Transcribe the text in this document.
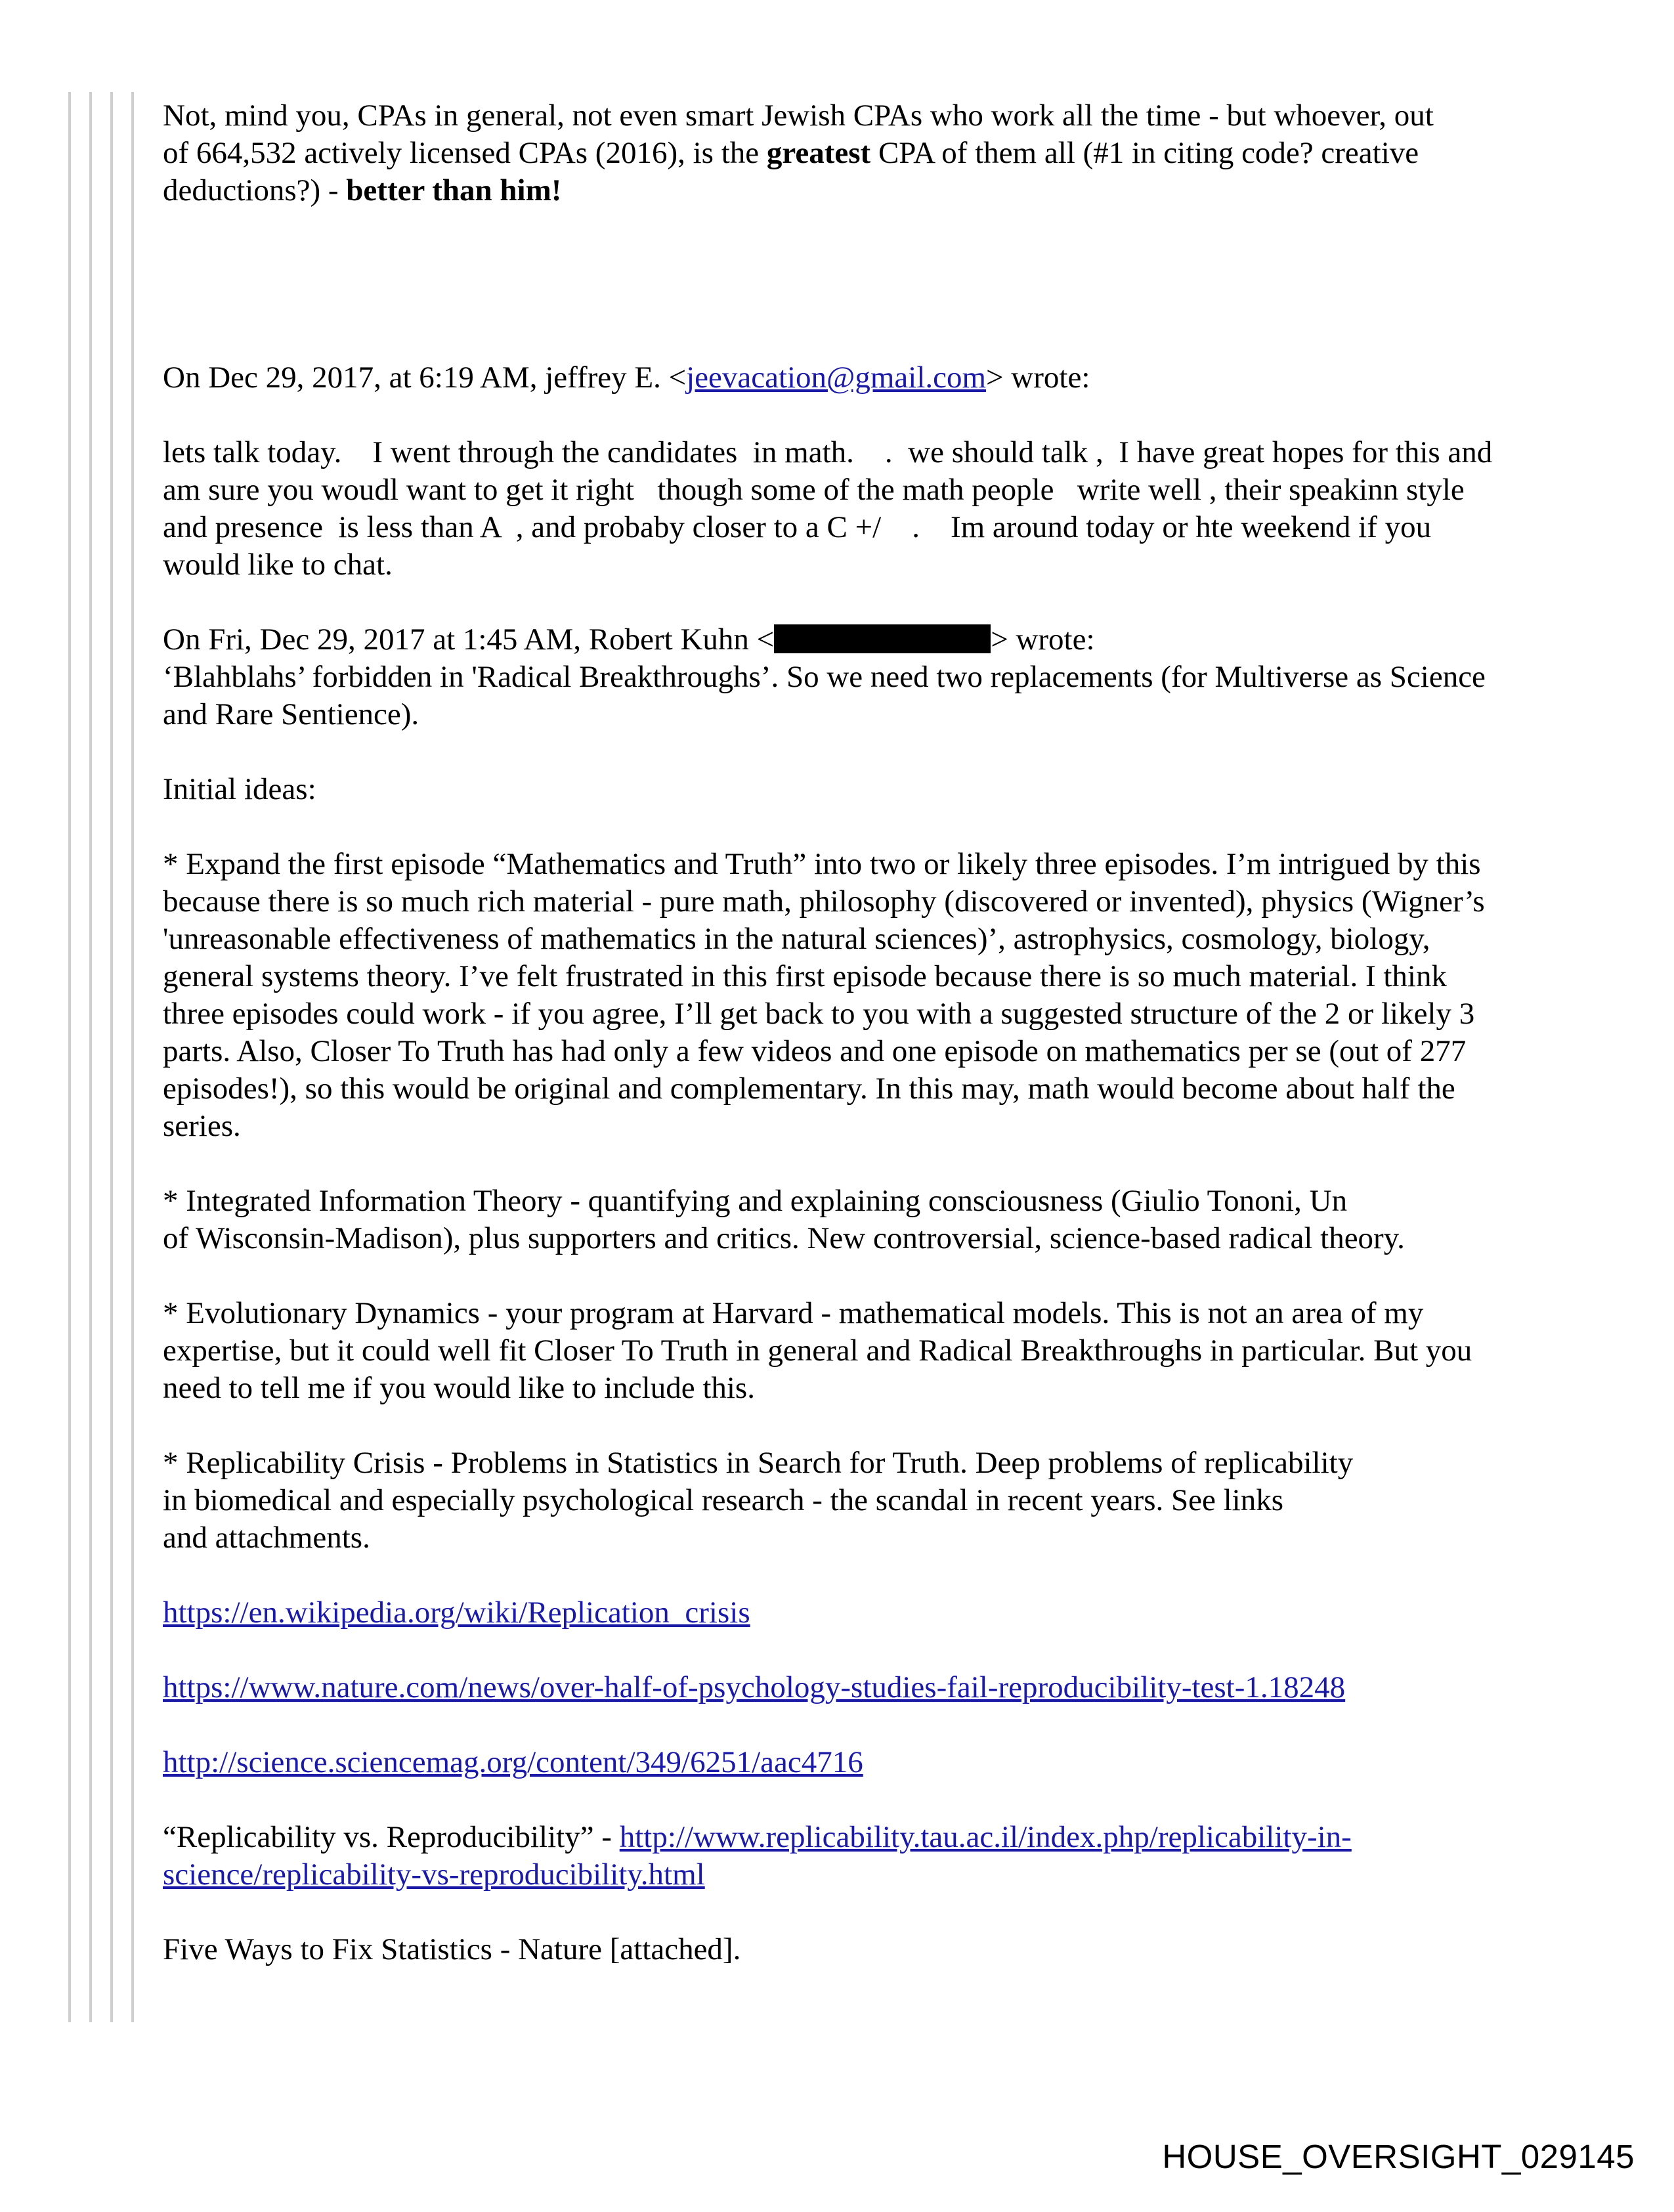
Not, mind you, CPAs in general, not even smart Jewish CPAs who work all the time - but whoever, out
of 664,532 actively licensed CPAs (2016), is the greatest CPA of them all (#1 in citing code? creative
deductions?) - better than him!
On Dec 29, 2017, at 6:19 AM, jeffrey E. <jeevacation@gmail.com> wrote:
lets talk today.    I went through the candidates  in math.    .  we should talk ,  I have great hopes for this and
am sure you woudl want to get it right   though some of the math people   write well , their speakinn style
and presence  is less than A  , and probaby closer to a C +/    .    Im around today or hte weekend if you
would like to chat.
On Fri, Dec 29, 2017 at 1:45 AM, Robert Kuhn <	> wrote:
‘Blahblahs’ forbidden in 'Radical Breakthroughs’. So we need two replacements (for Multiverse as Science
and Rare Sentience).
Initial ideas:
* Expand the first episode “Mathematics and Truth” into two or likely three episodes. I’m intrigued by this
because there is so much rich material - pure math, philosophy (discovered or invented), physics (Wigner’s
'unreasonable effectiveness of mathematics in the natural sciences)’, astrophysics, cosmology, biology,
general systems theory. I’ve felt frustrated in this first episode because there is so much material. I think
three episodes could work - if you agree, I’ll get back to you with a suggested structure of the 2 or likely 3
parts. Also, Closer To Truth has had only a few videos and one episode on mathematics per se (out of 277
episodes!), so this would be original and complementary. In this may, math would become about half the
series.
* Integrated Information Theory - quantifying and explaining consciousness (Giulio Tononi, Un
of Wisconsin-Madison), plus supporters and critics. New controversial, science-based radical theory.
* Evolutionary Dynamics - your program at Harvard - mathematical models. This is not an area of my
expertise, but it could well fit Closer To Truth in general and Radical Breakthroughs in particular. But you
need to tell me if you would like to include this.
* Replicability Crisis - Problems in Statistics in Search for Truth. Deep problems of replicability
in biomedical and especially psychological research - the scandal in recent years. See links
and attachments.
https://en.wikipedia.org/wiki/Replication_crisis
https://www.nature.com/news/over-half-of-psychology-studies-fail-reproducibility-test-1.18248
http://science.sciencemag.org/content/349/6251/aac4716
“Replicability vs. Reproducibility” - http://www.replicability.tau.ac.il/index.php/replicability-in-
science/replicability-vs-reproducibility.html
Five Ways to Fix Statistics - Nature [attached].
HOUSE_OVERSIGHT_029145
